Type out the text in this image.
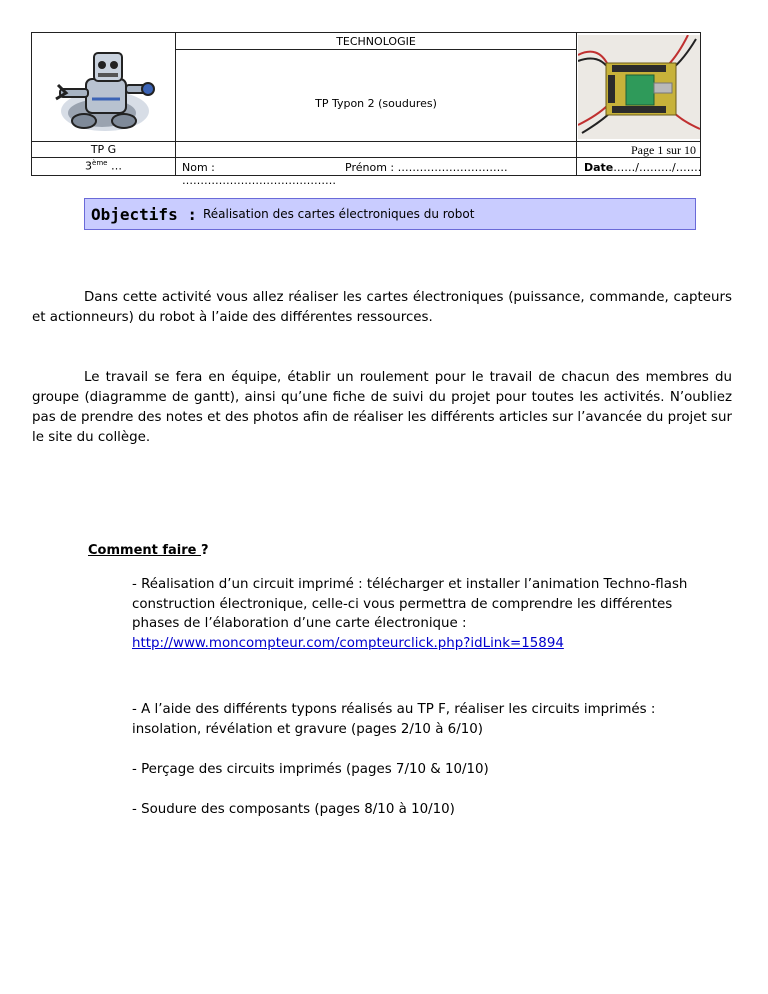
TECHNOLOGIE
TP Typon 2 (soudures)
Page 1 sur 10
TP G
3ème …	Nom : ……………………………………
Prénom : …………………………	Date……/………/…….
Objectifs : Réalisation des cartes électroniques du robot

Dans cette activité vous allez réaliser les cartes électroniques (puissance, commande, capteurs et actionneurs) du robot à l’aide des différentes ressources.

Le travail se fera en équipe, établir un roulement pour le travail de chacun des membres du groupe (diagramme de gantt), ainsi qu’une fiche de suivi du projet pour toutes les activités. N’oubliez pas de prendre des notes et des photos afin de réaliser les différents articles sur l’avancée du projet sur le site du collège.

Comment faire ?
- Réalisation d’un circuit imprimé : télécharger et installer l’animation Techno-flash construction électronique, celle-ci vous permettra de comprendre les différentes phases de l’élaboration d’une carte électronique :
http://www.moncompteur.com/compteurclick.php?idLink=15894
- A l’aide des différents typons réalisés au TP F, réaliser les circuits imprimés : insolation, révélation et gravure (pages 2/10 à 6/10)
- Perçage des circuits imprimés (pages 7/10 & 10/10)
- Soudure des composants (pages 8/10 à 10/10)
